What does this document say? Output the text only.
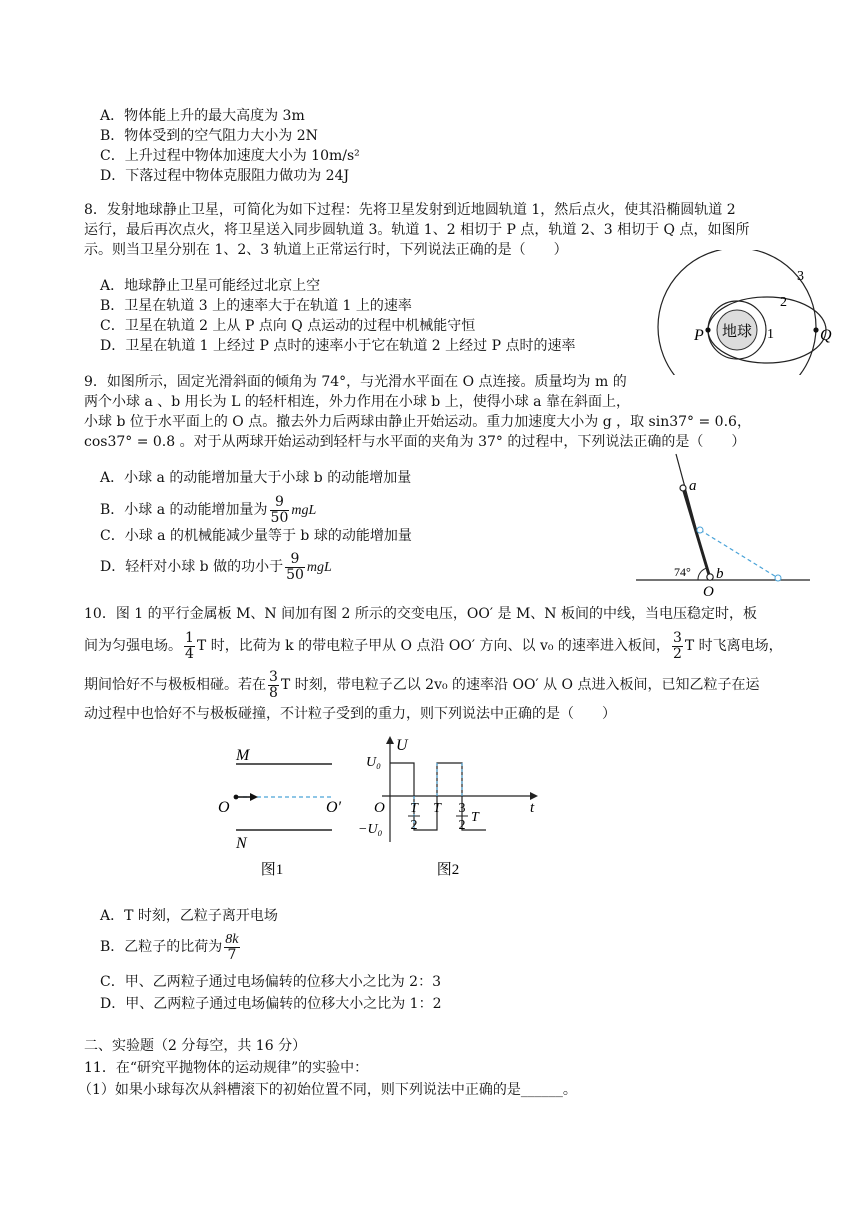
A．物体能上升的最大高度为 3m
B．物体受到的空气阻力大小为 2N
C．上升过程中物体加速度大小为 10m/s²
D．下落过程中物体克服阻力做功为 24J
8．发射地球静止卫星，可简化为如下过程：先将卫星发射到近地圆轨道 1，然后点火，使其沿椭圆轨道 2
运行，最后再次点火，将卫星送入同步圆轨道 3。轨道 1、2 相切于 P 点，轨道 2、3 相切于 Q 点，如图所
示。则当卫星分别在 1、2、3 轨道上正常运行时，下列说法正确的是（　　）
A．地球静止卫星可能经过北京上空
B．卫星在轨道 3 上的速率大于在轨道 1 上的速率
C．卫星在轨道 2 上从 P 点向 Q 点运动的过程中机械能守恒
D．卫星在轨道 1 上经过 P 点时的速率小于它在轨道 2 上经过 P 点时的速率
地球
P	Q
1
2
3
9．如图所示，固定光滑斜面的倾角为 74°，与光滑水平面在 O 点连接。质量均为 m 的
两个小球 a 、b 用长为 L 的轻杆相连，外力作用在小球 b 上，使得小球 a 靠在斜面上，
小球 b 位于水平面上的 O 点。撤去外力后两球由静止开始运动。重力加速度大小为 g ，取 sin37° = 0.6，
cos37° = 0.8 。对于从两球开始运动到轻杆与水平面的夹角为 37° 的过程中，下列说法正确的是（　　）
A．小球 a 的动能增加量大于小球 b 的动能增加量
B．小球 a 的动能增加量为 $\frac{9}{50}$ mgL
C．小球 a 的机械能减少量等于 b 球的动能增加量
D．轻杆对小球 b 做的功小于 $\frac{9}{50}$ mgL
a
b
74°
O
10．图 1 的平行金属板 M、N 间加有图 2 所示的交变电压，OO′ 是 M、N 板间的中线，当电压稳定时，板
间为匀强电场。 $\frac{1}{4}$ T 时，比荷为 k 的带电粒子甲从 O 点沿 OO′ 方向、以 v₀ 的速率进入板间， $\frac{3}{2}$ T 时飞离电场，
期间恰好不与极板相碰。若在 $\frac{3}{8}$ T 时刻，带电粒子乙以 2v₀ 的速率沿 OO′ 从 O 点进入板间，已知乙粒子在运
动过程中也恰好不与极板碰撞，不计粒子受到的重力，则下列说法中正确的是（　　）
M
O	O′
N
图1
U
U₀
−U₀
O	t
T
2
T 3
2
T
图2
A．T 时刻，乙粒子离开电场
B．乙粒子的比荷为 $\frac{8k}{7}$
C．甲、乙两粒子通过电场偏转的位移大小之比为 2：3
D．甲、乙两粒子通过电场偏转的位移大小之比为 1：2
二、实验题（2 分每空，共 16 分）
11．在“研究平抛物体的运动规律”的实验中：
（1）如果小球每次从斜槽滚下的初始位置不同，则下列说法中正确的是______。
